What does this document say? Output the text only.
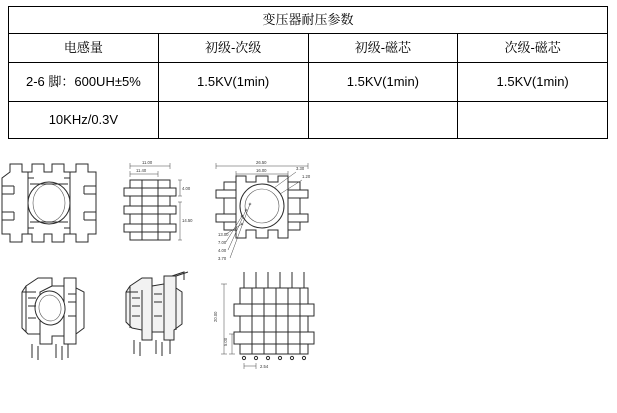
变压器耐压参数			
电感量	初级-次级	初级-磁芯	次级-磁芯
2-6 脚：600UH±5%	1.5KV(1min)	1.5KV(1min)	1.5KV(1min)
10KHz/0.3V			
11.00
11.40
4.00
14.50
26.50
16.00
13.00
7.00
4.00
3.70
3.30
1.20
20.00
5.00
2.54
